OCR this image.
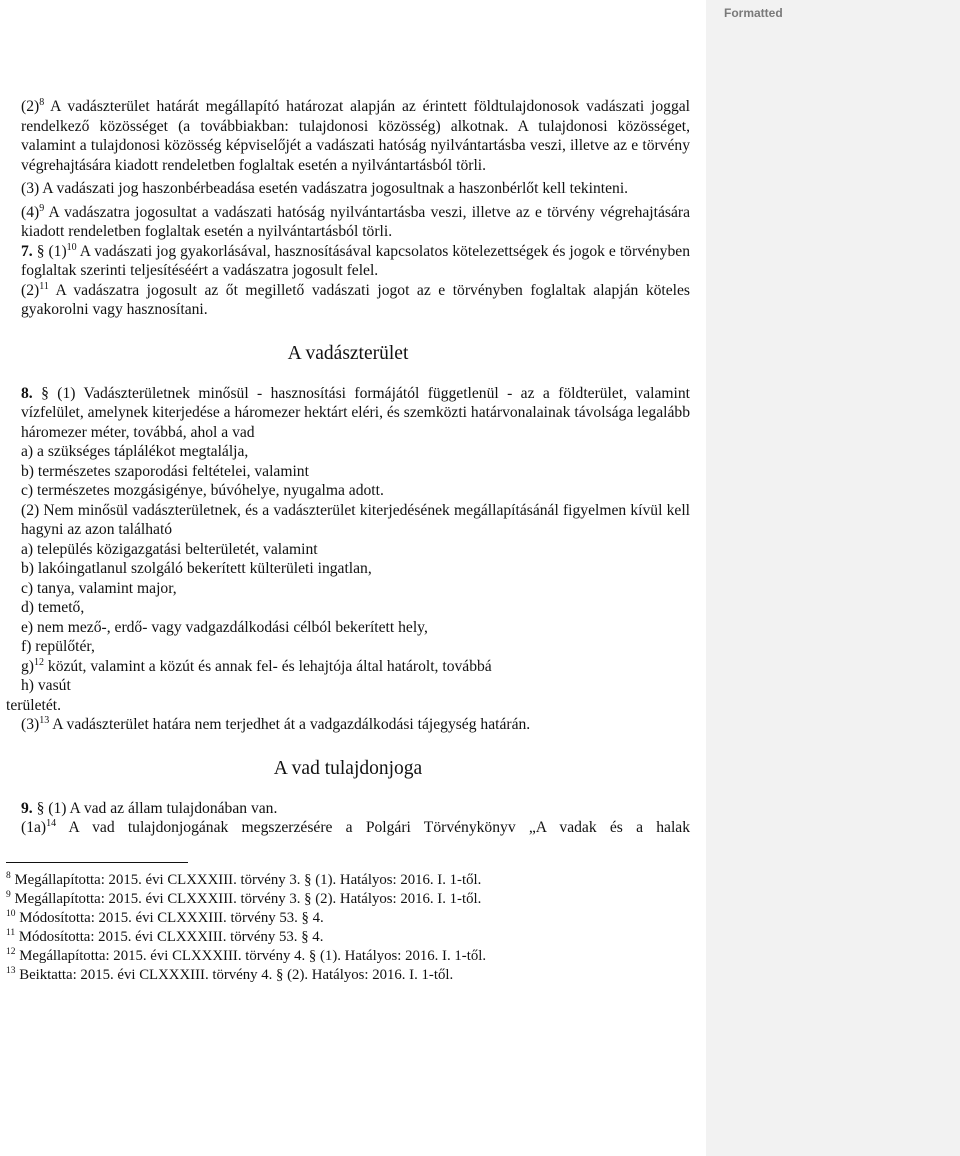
Formatted

$(2)^8$ A vadászterület határát megállapító határozat alapján az érintett földtulajdonosok vadászati joggal rendelkező közösséget (a továbbiakban: tulajdonosi közösség) alkotnak. A tulajdonosi közösséget, valamint a tulajdonosi közösség képviselőjét a vadászati hatóság nyilvántartásba veszi, illetve az e törvény végrehajtására kiadott rendeletben foglaltak esetén a nyilvántartásból törli.

(3) A vadászati jog haszonbérbeadása esetén vadászatra jogosultnak a haszonbérlőt kell tekinteni.

$(4)^9$ A vadászatra jogosultat a vadászati hatóság nyilvántartásba veszi, illetve az e törvény végrehajtására kiadott rendeletben foglaltak esetén a nyilvántartásból törli.

7. § $(1)^{10}$ A vadászati jog gyakorlásával, hasznosításával kapcsolatos kötelezettségek és jogok e törvényben foglaltak szerinti teljesítéséért a vadászatra jogosult felel.

$(2)^{11}$ A vadászatra jogosult az őt megillető vadászati jogot az e törvényben foglaltak alapján köteles gyakorolni vagy hasznosítani.

A vadászterület

8. § (1) Vadászterületnek minősül - hasznosítási formájától függetlenül - az a földterület, valamint vízfelület, amelynek kiterjedése a háromezer hektárt eléri, és szemközti határvonalainak távolsága legalább háromezer méter, továbbá, ahol a vad

a) a szükséges táplálékot megtalálja,

b) természetes szaporodási feltételei, valamint

c) természetes mozgásigénye, búvóhelye, nyugalma adott.

(2) Nem minősül vadászterületnek, és a vadászterület kiterjedésének megállapításánál figyelmen kívül kell hagyni az azon található

a) település közigazgatási belterületét, valamint

b) lakóingatlanul szolgáló bekerített külterületi ingatlan,

c) tanya, valamint major,

d) temető,

e) nem mező-, erdő- vagy vadgazdálkodási célból bekerített hely,

f) repülőtér,

g)$^{12}$ közút, valamint a közút és annak fel- és lehajtója által határolt, továbbá

h) vasút

területét.

$(3)^{13}$ A vadászterület határa nem terjedhet át a vadgazdálkodási tájegység határán.

A vad tulajdonjoga

9. § (1) A vad az állam tulajdonában van.

$(1a)^{14}$ A vad tulajdonjogának megszerzésére a Polgári Törvénykönyv „A vadak és a halak

$^8$ Megállapította: 2015. évi CLXXXIII. törvény 3. § (1). Hatályos: 2016. I. 1-től.

$^9$ Megállapította: 2015. évi CLXXXIII. törvény 3. § (2). Hatályos: 2016. I. 1-től.

$^{10}$ Módosította: 2015. évi CLXXXIII. törvény 53. § 4.

$^{11}$ Módosította: 2015. évi CLXXXIII. törvény 53. § 4.

$^{12}$ Megállapította: 2015. évi CLXXXIII. törvény 4. § (1). Hatályos: 2016. I. 1-től.

$^{13}$ Beiktatta: 2015. évi CLXXXIII. törvény 4. § (2). Hatályos: 2016. I. 1-től.
